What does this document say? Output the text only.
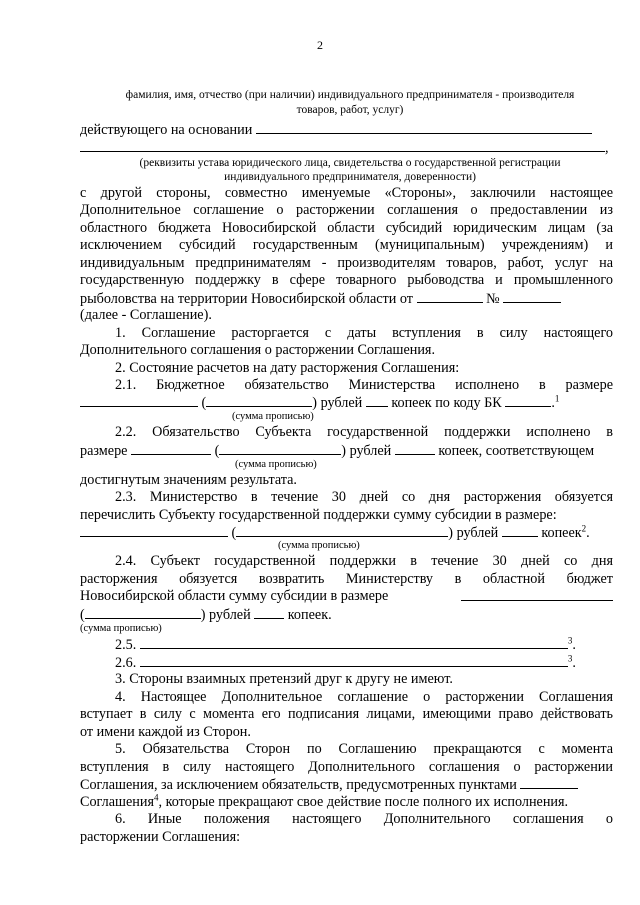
2
фамилия, имя, отчество (при наличии) индивидуального предпринимателя - производителя
товаров, работ, услуг)
действующего на основании
,
(реквизиты устава юридического лица, свидетельства о государственной регистрации
индивидуального предпринимателя, доверенности)
с другой стороны, совместно именуемые «Стороны», заключили настоящее
Дополнительное соглашение о расторжении соглашения о предоставлении из
областного бюджета Новосибирской области субсидий юридическим лицам (за
исключением субсидий государственным (муниципальным) учреждениям) и
индивидуальным предпринимателям - производителям товаров, работ, услуг на
государственную поддержку в сфере товарного рыбоводства и промышленного
рыболовства на территории Новосибирской области от	№
(далее - Соглашение).
1. Соглашение расторгается с даты вступления в силу настоящего
Дополнительного соглашения о расторжении Соглашения.
2. Состояние расчетов на дату расторжения Соглашения:
2.1. Бюджетное обязательство Министерства исполнено в размере
(	) рублей копеек по коду БК	.$^1$
(сумма прописью)
2.2. Обязательство Субъекта государственной поддержки исполнено в
размере	(	) рублей	копеек, соответствующем
(сумма прописью)
достигнутым значениям результата.
2.3. Министерство в течение 30 дней со дня расторжения обязуется
перечислить Субъекту государственной поддержки сумму субсидии в размере:
(	) рублей	копеек$^2$.
(сумма прописью)
2.4. Субъект государственной поддержки в течение 30 дней со дня
расторжения обязуется возвратить Министерству в областной бюджет
Новосибирской области сумму субсидии в размере
(	) рублей	копеек.
(сумма прописью)
2.5.	$^3$.
2.6.	$^3$.
3. Стороны взаимных претензий друг к другу не имеют.
4. Настоящее Дополнительное соглашение о расторжении Соглашения
вступает в силу с момента его подписания лицами, имеющими право действовать
от имени каждой из Сторон.
5. Обязательства Сторон по Соглашению прекращаются с момента
вступления в силу настоящего Дополнительного соглашения о расторжении
Соглашения, за исключением обязательств, предусмотренных пунктами
Соглашения$^4$, которые прекращают свое действие после полного их исполнения.
6. Иные положения настоящего Дополнительного соглашения о
расторжении Соглашения:
